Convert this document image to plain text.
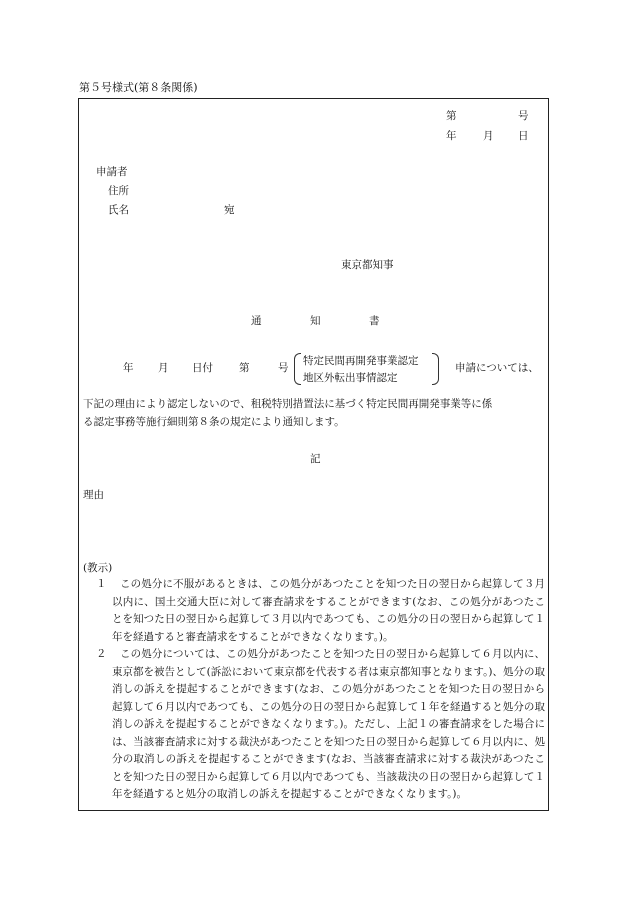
第５号様式(第８条関係)
第	号
年	月 日
申請者
住所
氏名	宛
東京都知事
通	知	書
年 月 日付 第	号
特定民間再開発事業認定
地区外転出事情認定
申請については、
下記の理由により認定しないので、租税特別措置法に基づく特定民間再開発事業等に係
る認定事務等施行細則第８条の規定により通知します。
記
理由
(教示)
１	この処分に不服があるときは、この処分があつたことを知つた日の翌日から起算して３月以内に、国土交通大臣に対して審査請求をすることができます(なお、この処分があつたことを知つた日の翌日から起算して３月以内であつても、この処分の日の翌日から起算して１年を経過すると審査請求をすることができなくなります。)。
２	この処分については、この処分があつたことを知つた日の翌日から起算して６月以内に、東京都を被告として(訴訟において東京都を代表する者は東京都知事となります。)、処分の取消しの訴えを提起することができます(なお、この処分があつたことを知つた日の翌日から起算して６月以内であつても、この処分の日の翌日から起算して１年を経過すると処分の取消しの訴えを提起することができなくなります。)。ただし、上記１の審査請求をした場合には、当該審査請求に対する裁決があつたことを知つた日の翌日から起算して６月以内に、処分の取消しの訴えを提起することができます(なお、当該審査請求に対する裁決があつたことを知つた日の翌日から起算して６月以内であつても、当該裁決の日の翌日から起算して１年を経過すると処分の取消しの訴えを提起することができなくなります。)。
